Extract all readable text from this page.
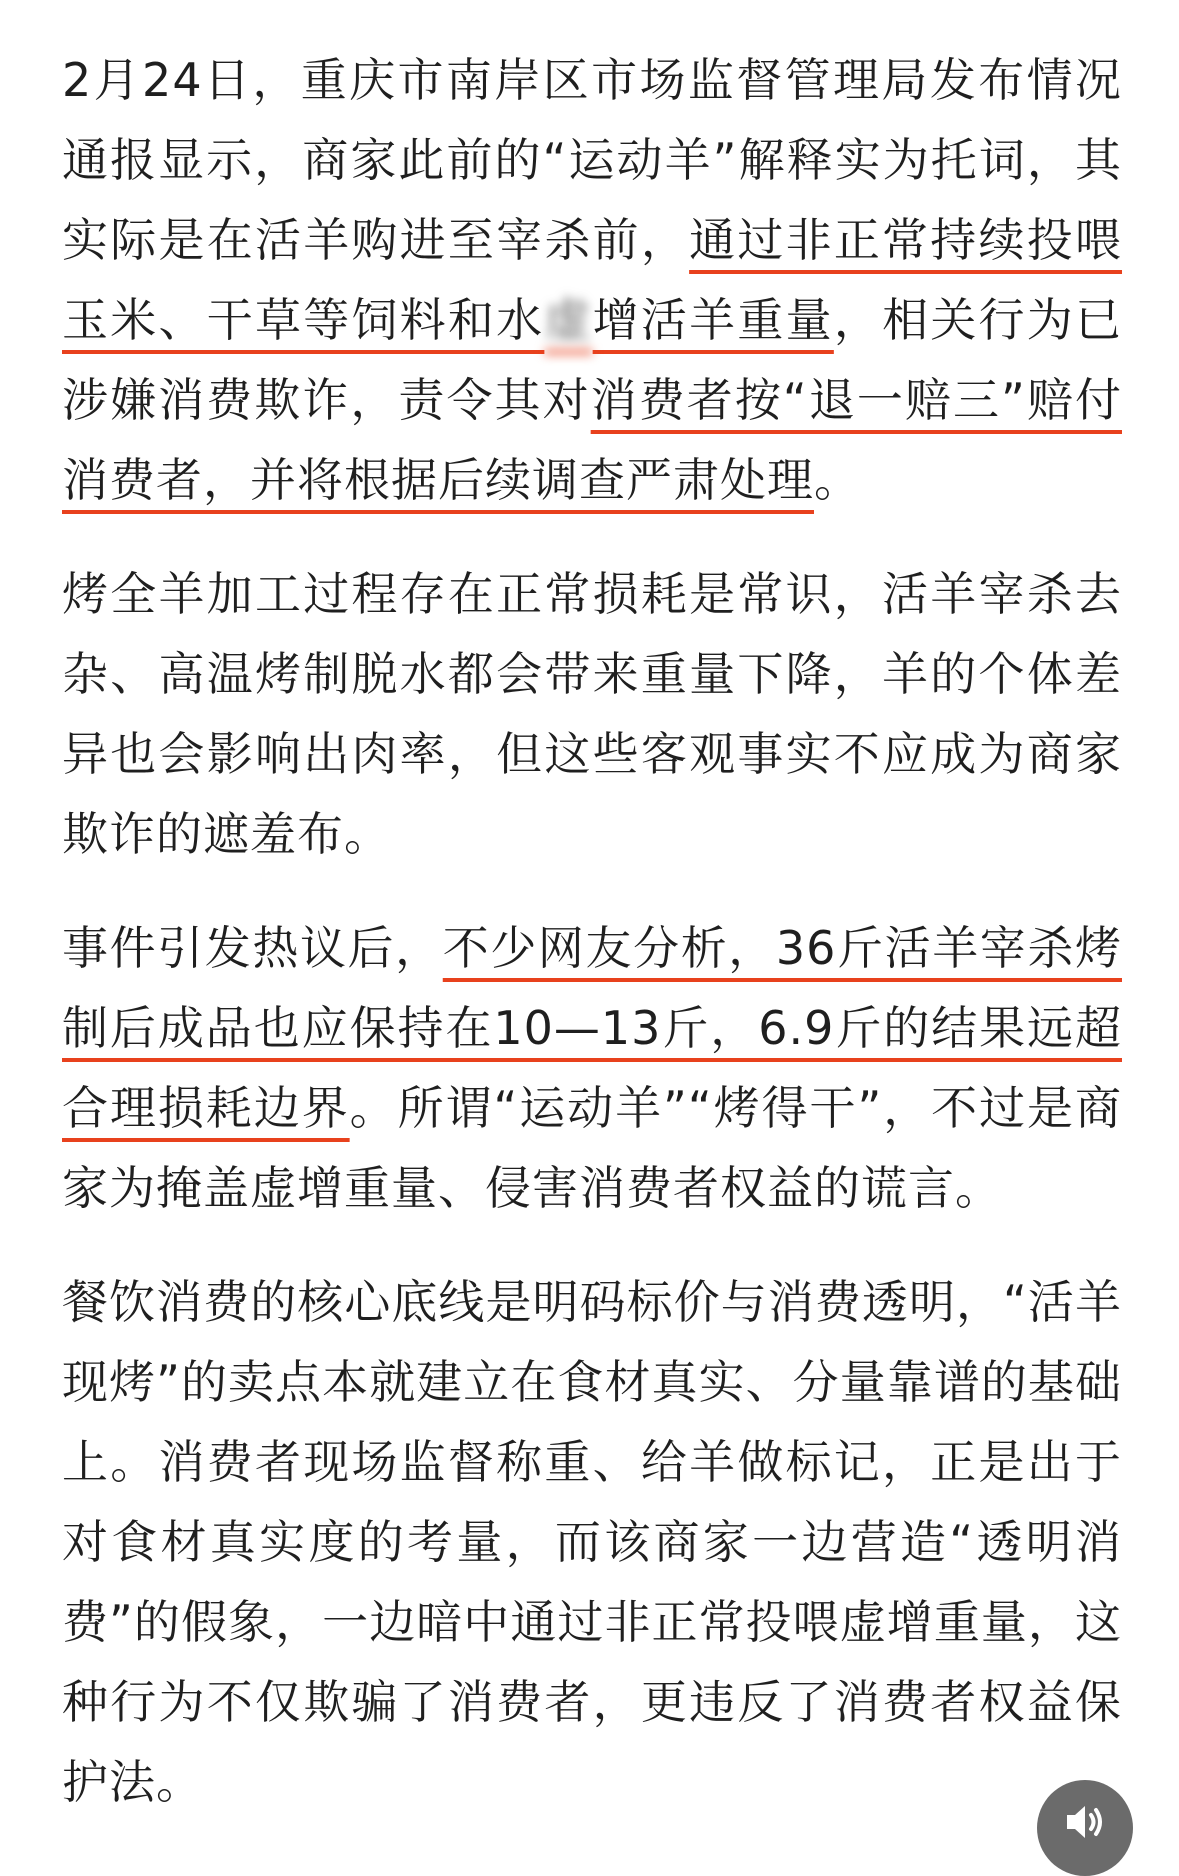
2月24日，重庆市南岸区市场监督管理局发布情况通报显示，商家此前的“运动羊”解释实为托词，其实际是在活羊购进至宰杀前，通过非正常持续投喂玉米、干草等饲料和水虚增活羊重量，相关行为已涉嫌消费欺诈，责令其对消费者按“退一赔三”赔付消费者，并将根据后续调查严肃处理。

烤全羊加工过程存在正常损耗是常识，活羊宰杀去杂、高温烤制脱水都会带来重量下降，羊的个体差异也会影响出肉率，但这些客观事实不应成为商家欺诈的遮羞布。

事件引发热议后，不少网友分析，36斤活羊宰杀烤制后成品也应保持在10—13斤，6.9斤的结果远超合理损耗边界。所谓“运动羊”“烤得干”，不过是商家为掩盖虚增重量、侵害消费者权益的谎言。

餐饮消费的核心底线是明码标价与消费透明，“活羊现烤”的卖点本就建立在食材真实、分量靠谱的基础上。消费者现场监督称重、给羊做标记，正是出于对食材真实度的考量，而该商家一边营造“透明消费”的假象，一边暗中通过非正常投喂虚增重量，这种行为不仅欺骗了消费者，更违反了消费者权益保护法。
